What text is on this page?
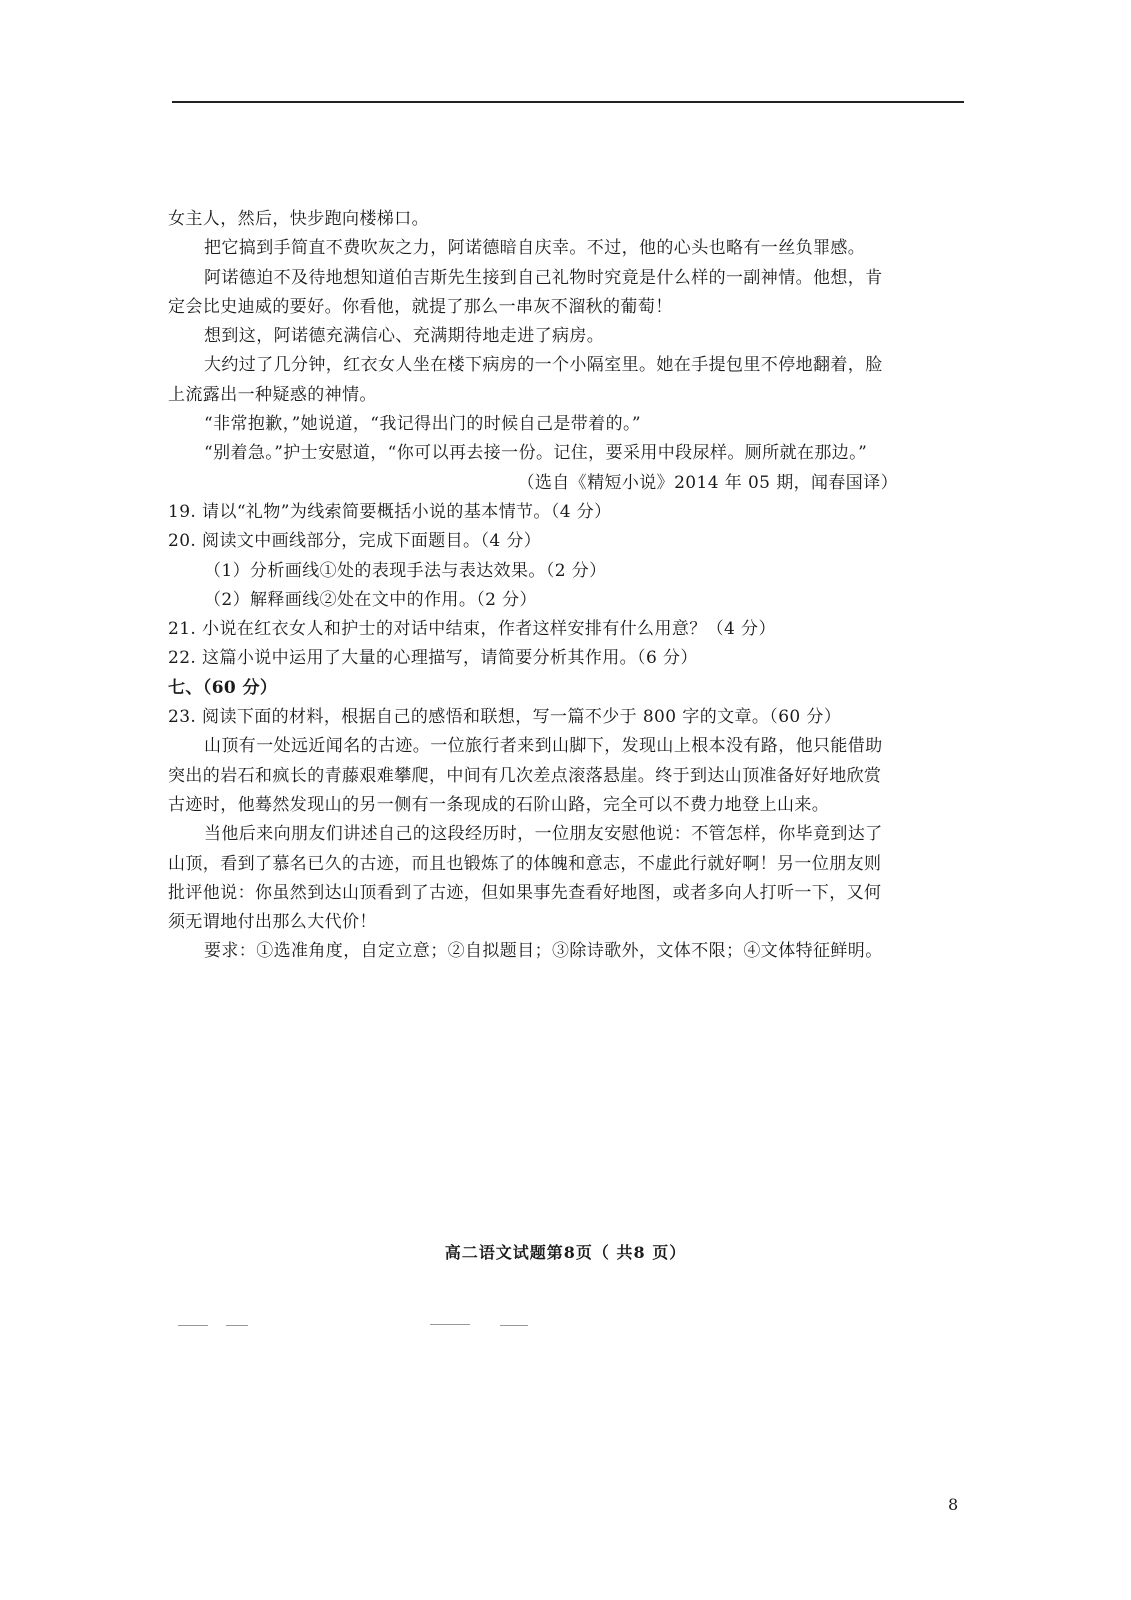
女主人，然后，快步跑向楼梯口。

把它搞到手简直不费吹灰之力，阿诺德暗自庆幸。不过，他的心头也略有一丝负罪感。

阿诺德迫不及待地想知道伯吉斯先生接到自己礼物时究竟是什么样的一副神情。他想，肯定会比史迪威的要好。你看他，就提了那么一串灰不溜秋的葡萄！

想到这，阿诺德充满信心、充满期待地走进了病房。

大约过了几分钟，红衣女人坐在楼下病房的一个小隔室里。她在手提包里不停地翻着，脸上流露出一种疑惑的神情。

“非常抱歉，”她说道，“我记得出门的时候自己是带着的。”

“别着急。”护士安慰道，“你可以再去接一份。记住，要采用中段尿样。厕所就在那边。”

（选自《精短小说》2014 年 05 期，闻春国译）

19. 请以“礼物”为线索简要概括小说的基本情节。（4 分）

20. 阅读文中画线部分，完成下面题目。（4 分）

（1）分析画线①处的表现手法与表达效果。（2 分）

（2）解释画线②处在文中的作用。（2 分）

21. 小说在红衣女人和护士的对话中结束，作者这样安排有什么用意？（4 分）

22. 这篇小说中运用了大量的心理描写，请简要分析其作用。（6 分）

七、（60 分）

23. 阅读下面的材料，根据自己的感悟和联想，写一篇不少于 800 字的文章。（60 分）

山顶有一处远近闻名的古迹。一位旅行者来到山脚下，发现山上根本没有路，他只能借助突出的岩石和疯长的青藤艰难攀爬，中间有几次差点滚落悬崖。终于到达山顶准备好好地欣赏古迹时，他蓦然发现山的另一侧有一条现成的石阶山路，完全可以不费力地登上山来。

当他后来向朋友们讲述自己的这段经历时，一位朋友安慰他说：不管怎样，你毕竟到达了山顶，看到了慕名已久的古迹，而且也锻炼了的体魄和意志，不虚此行就好啊！另一位朋友则批评他说：你虽然到达山顶看到了古迹，但如果事先查看好地图，或者多向人打听一下，又何须无谓地付出那么大代价！

要求：①选准角度，自定立意；②自拟题目；③除诗歌外，文体不限；④文体特征鲜明。

高二语文试题第8页（ 共8 页）
8
